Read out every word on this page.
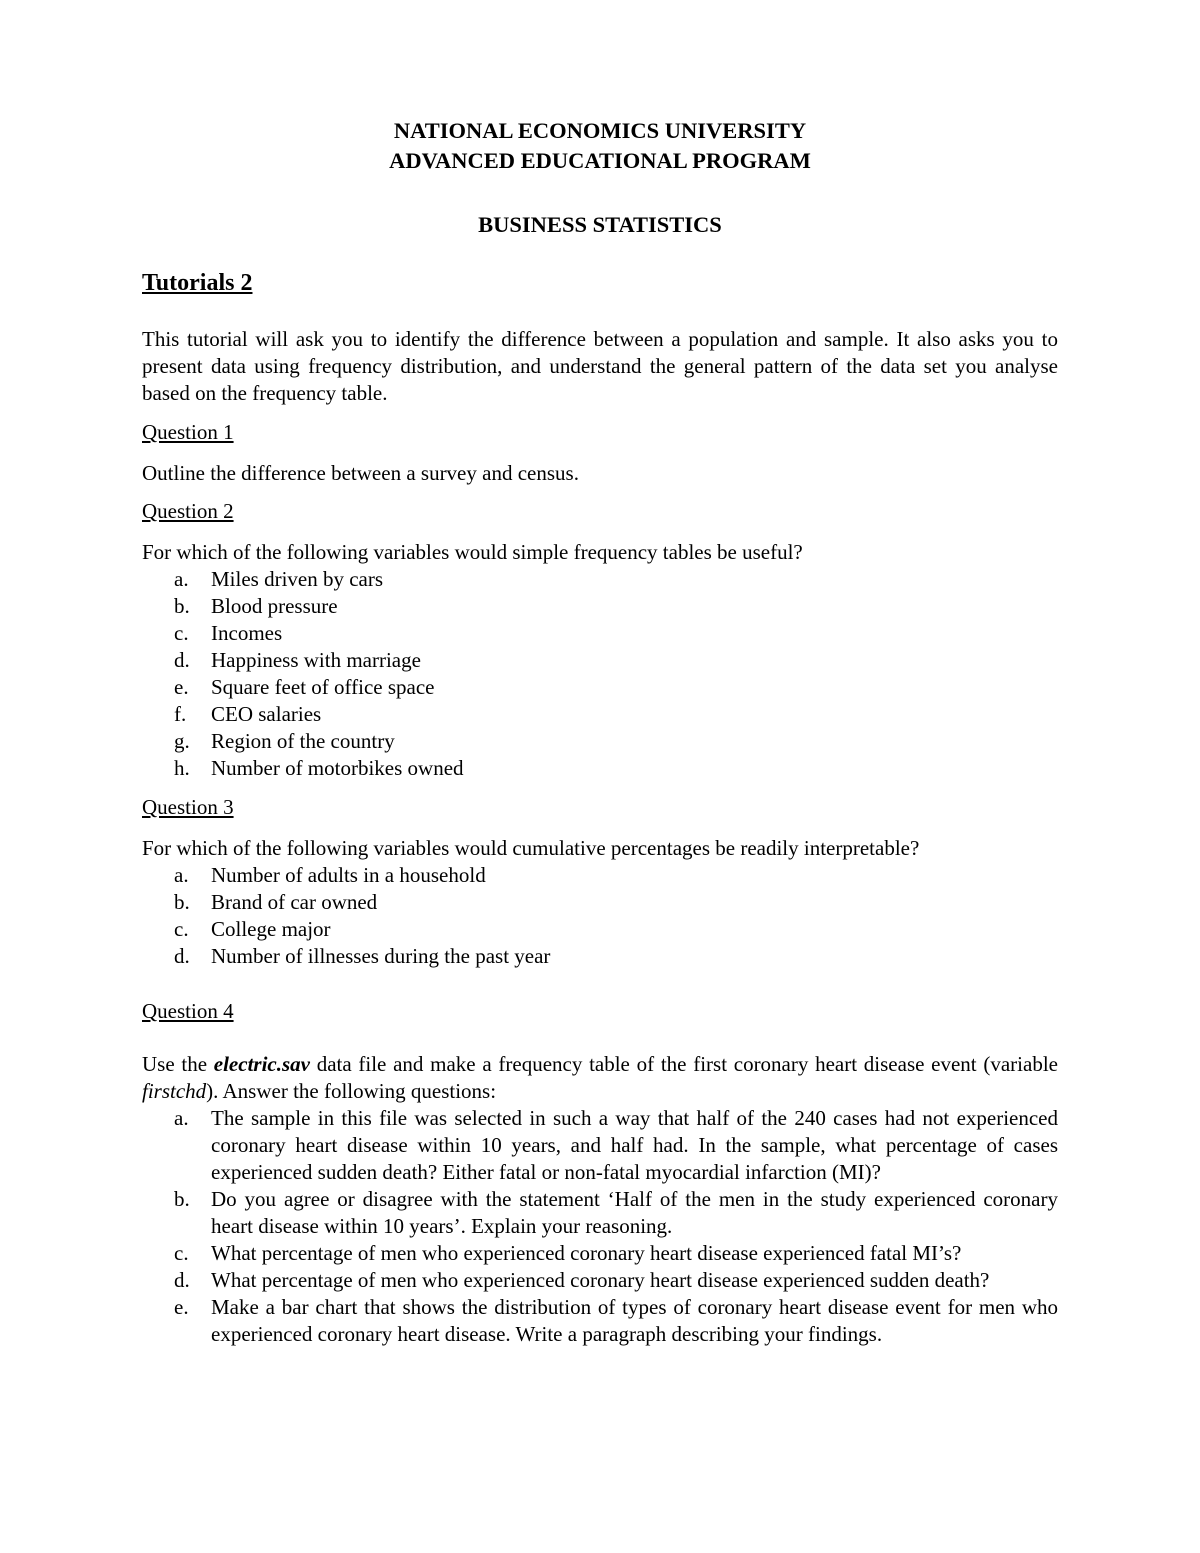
NATIONAL ECONOMICS UNIVERSITY
ADVANCED EDUCATIONAL PROGRAM
BUSINESS STATISTICS
Tutorials 2
This tutorial will ask you to identify the difference between a population and sample. It also asks you to present data using frequency distribution, and understand the general pattern of the data set you analyse based on the frequency table.
Question 1
Outline the difference between a survey and census.
Question 2
For which of the following variables would simple frequency tables be useful?
a. Miles driven by cars
b. Blood pressure
c. Incomes
d. Happiness with marriage
e. Square feet of office space
f. CEO salaries
g. Region of the country
h. Number of motorbikes owned
Question 3
For which of the following variables would cumulative percentages be readily interpretable?
a. Number of adults in a household
b. Brand of car owned
c. College major
d. Number of illnesses during the past year
Question 4
Use the electric.sav data file and make a frequency table of the first coronary heart disease event (variable firstchd). Answer the following questions:
a. The sample in this file was selected in such a way that half of the 240 cases had not experienced coronary heart disease within 10 years, and half had. In the sample, what percentage of cases experienced sudden death? Either fatal or non-fatal myocardial infarction (MI)?
b. Do you agree or disagree with the statement ‘Half of the men in the study experienced coronary heart disease within 10 years’. Explain your reasoning.
c. What percentage of men who experienced coronary heart disease experienced fatal MI’s?
d. What percentage of men who experienced coronary heart disease experienced sudden death?
e. Make a bar chart that shows the distribution of types of coronary heart disease event for men who experienced coronary heart disease. Write a paragraph describing your findings.
